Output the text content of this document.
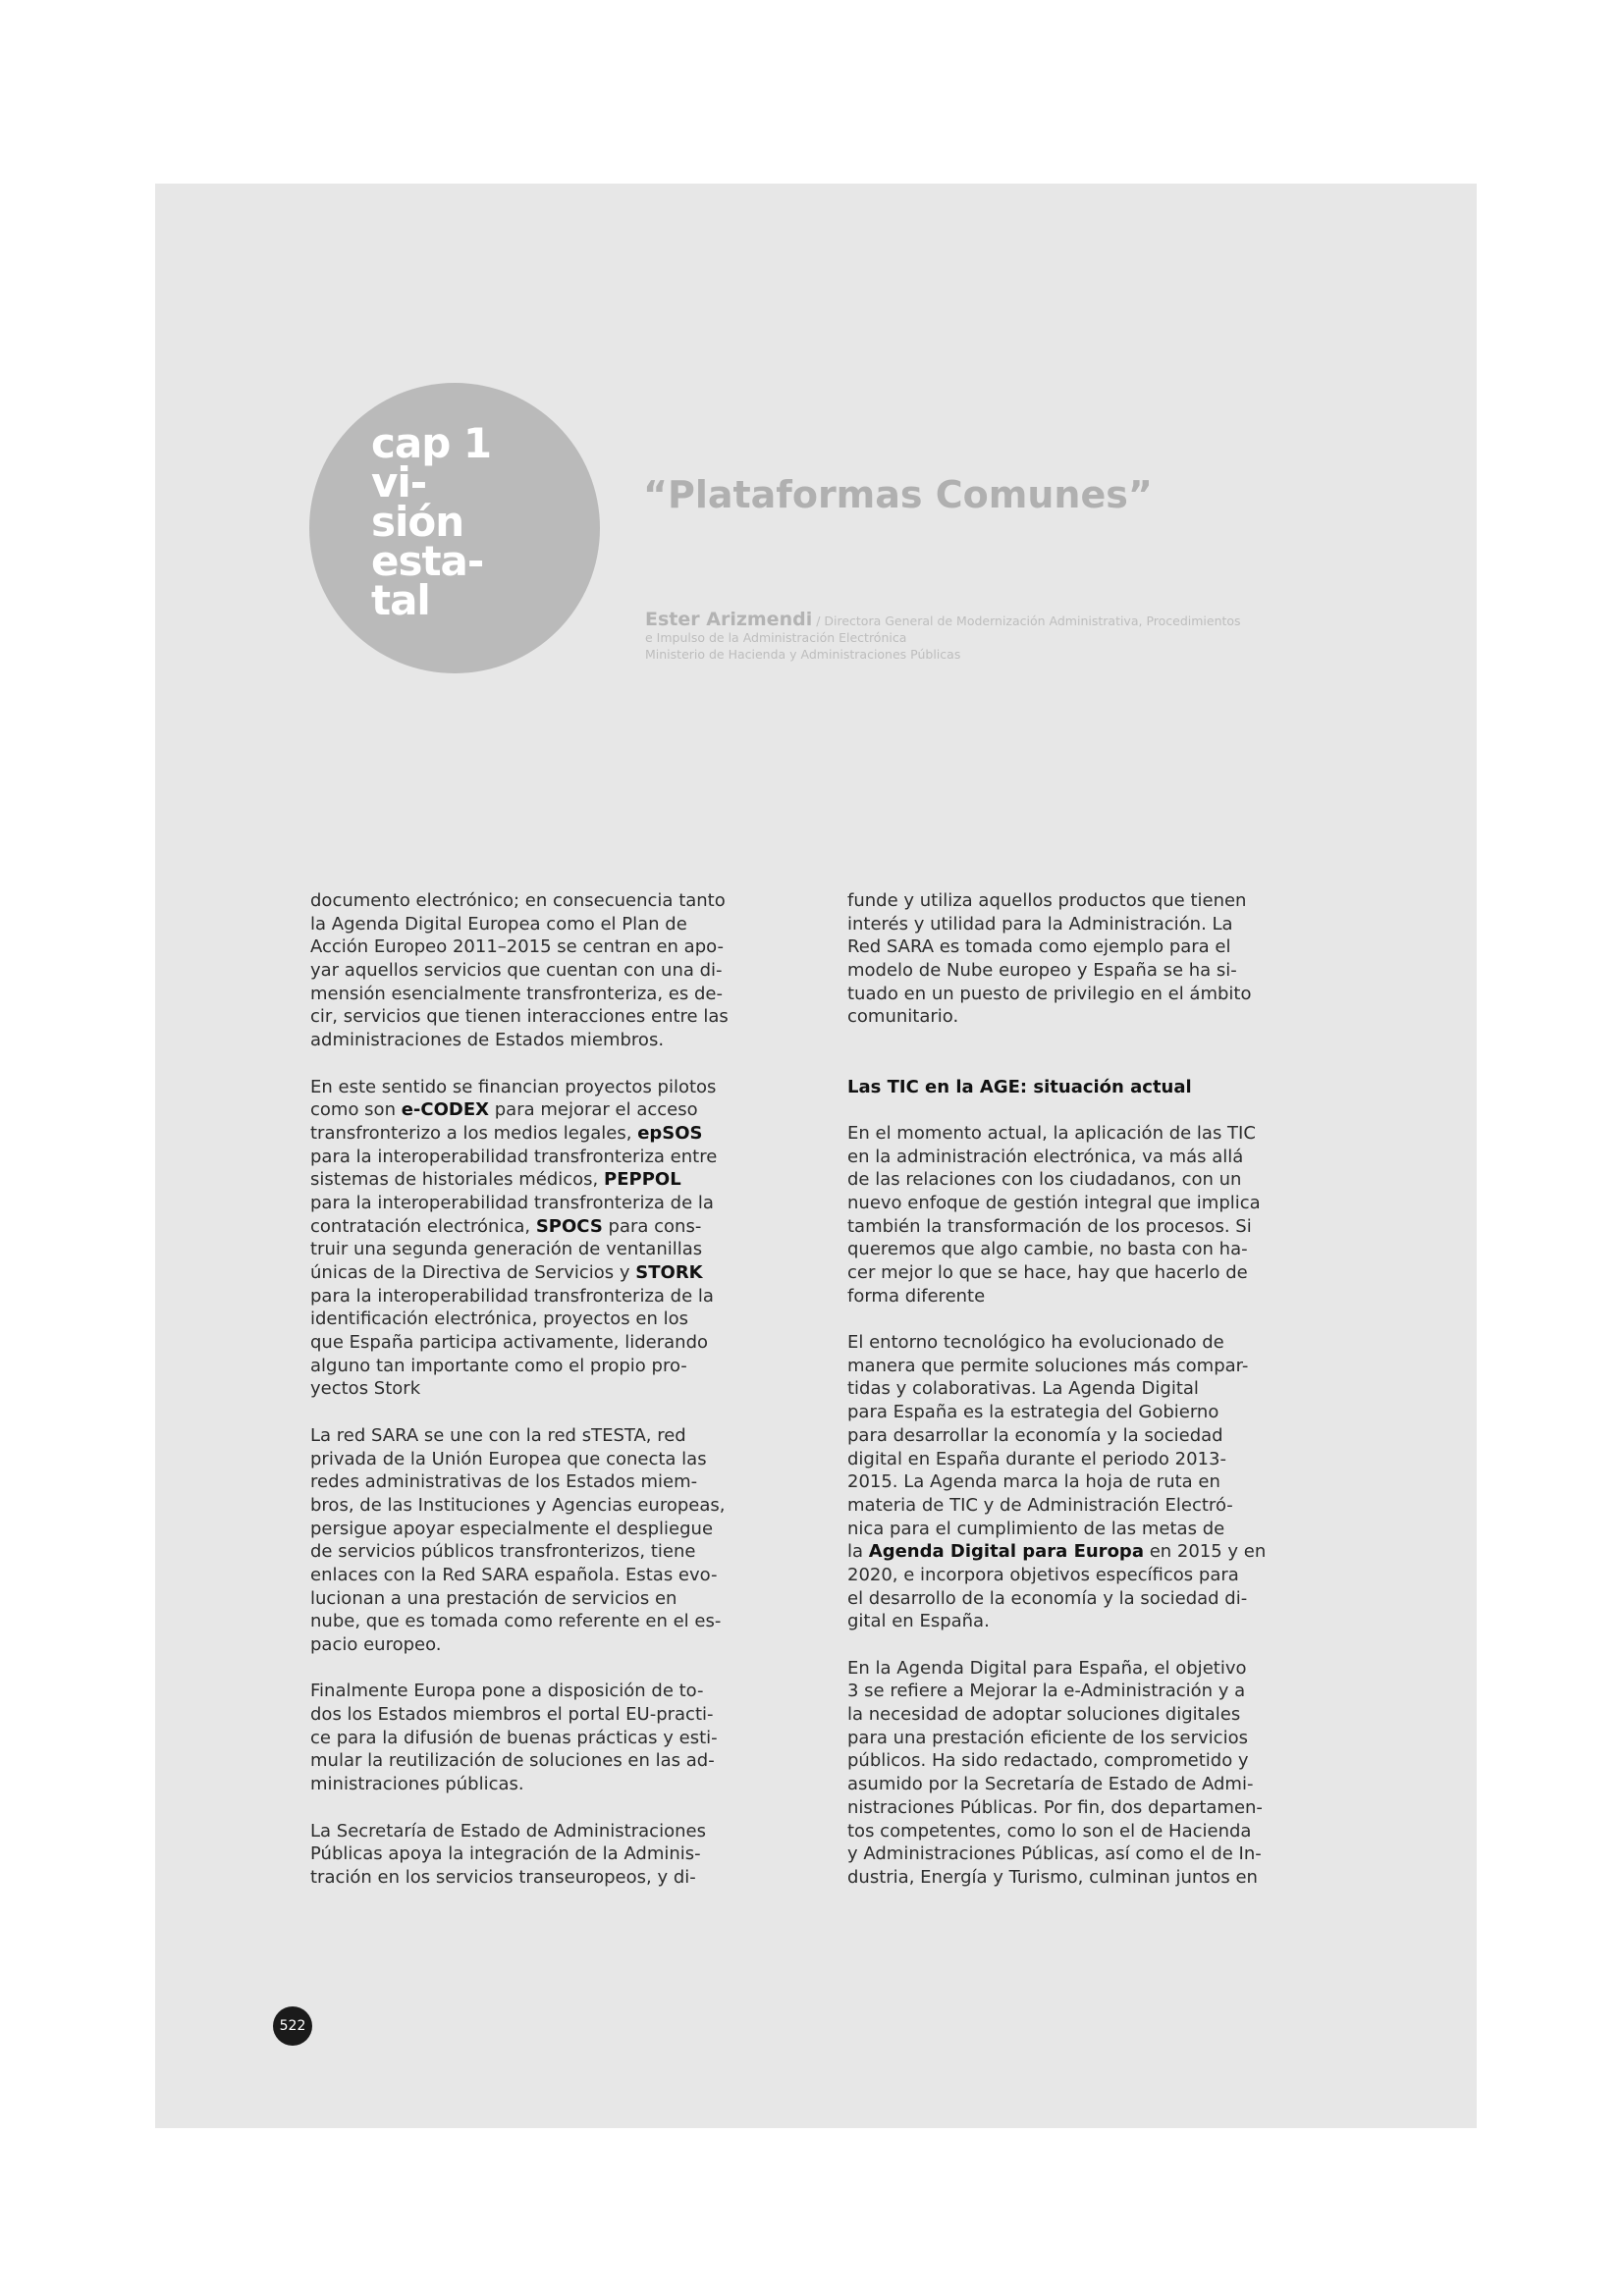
cap 1
vi-
sión
esta-
tal
“Plataformas Comunes”
Ester Arizmendi / Directora General de Modernización Administrativa, Procedimientos
e Impulso de la Administración Electrónica
Ministerio de Hacienda y Administraciones Públicas
documento electrónico; en consecuencia tanto
la Agenda Digital Europea como el Plan de
Acción Europeo 2011–2015 se centran en apo-
yar aquellos servicios que cuentan con una di-
mensión esencialmente transfronteriza, es de-
cir, servicios que tienen interacciones entre las
administraciones de Estados miembros.
En este sentido se financian proyectos pilotos
como son e-CODEX para mejorar el acceso
transfronterizo a los medios legales, epSOS
para la interoperabilidad transfronteriza entre
sistemas de historiales médicos, PEPPOL
para la interoperabilidad transfronteriza de la
contratación electrónica, SPOCS para cons-
truir una segunda generación de ventanillas
únicas de la Directiva de Servicios y STORK
para la interoperabilidad transfronteriza de la
identificación electrónica, proyectos en los
que España participa activamente, liderando
alguno tan importante como el propio pro-
yectos Stork
La red SARA se une con la red sTESTA, red
privada de la Unión Europea que conecta las
redes administrativas de los Estados miem-
bros, de las Instituciones y Agencias europeas,
persigue apoyar especialmente el despliegue
de servicios públicos transfronterizos, tiene
enlaces con la Red SARA española. Estas evo-
lucionan a una prestación de servicios en
nube, que es tomada como referente en el es-
pacio europeo.
Finalmente Europa pone a disposición de to-
dos los Estados miembros el portal EU-practi-
ce para la difusión de buenas prácticas y esti-
mular la reutilización de soluciones en las ad-
ministraciones públicas.
La Secretaría de Estado de Administraciones
Públicas apoya la integración de la Adminis-
tración en los servicios transeuropeos, y di-
funde y utiliza aquellos productos que tienen
interés y utilidad para la Administración. La
Red SARA es tomada como ejemplo para el
modelo de Nube europeo y España se ha si-
tuado en un puesto de privilegio en el ámbito
comunitario.
Las TIC en la AGE: situación actual
En el momento actual, la aplicación de las TIC
en la administración electrónica, va más allá
de las relaciones con los ciudadanos, con un
nuevo enfoque de gestión integral que implica
también la transformación de los procesos. Si
queremos que algo cambie, no basta con ha-
cer mejor lo que se hace, hay que hacerlo de
forma diferente
El entorno tecnológico ha evolucionado de
manera que permite soluciones más compar-
tidas y colaborativas. La Agenda Digital
para España es la estrategia del Gobierno
para desarrollar la economía y la sociedad
digital en España durante el periodo 2013-
2015. La Agenda marca la hoja de ruta en
materia de TIC y de Administración Electró-
nica para el cumplimiento de las metas de
la Agenda Digital para Europa en 2015 y en
2020, e incorpora objetivos específicos para
el desarrollo de la economía y la sociedad di-
gital en España.
En la Agenda Digital para España, el objetivo
3 se refiere a Mejorar la e-Administración y a
la necesidad de adoptar soluciones digitales
para una prestación eficiente de los servicios
públicos. Ha sido redactado, comprometido y
asumido por la Secretaría de Estado de Admi-
nistraciones Públicas. Por fin, dos departamen-
tos competentes, como lo son el de Hacienda
y Administraciones Públicas, así como el de In-
dustria, Energía y Turismo, culminan juntos en
522
